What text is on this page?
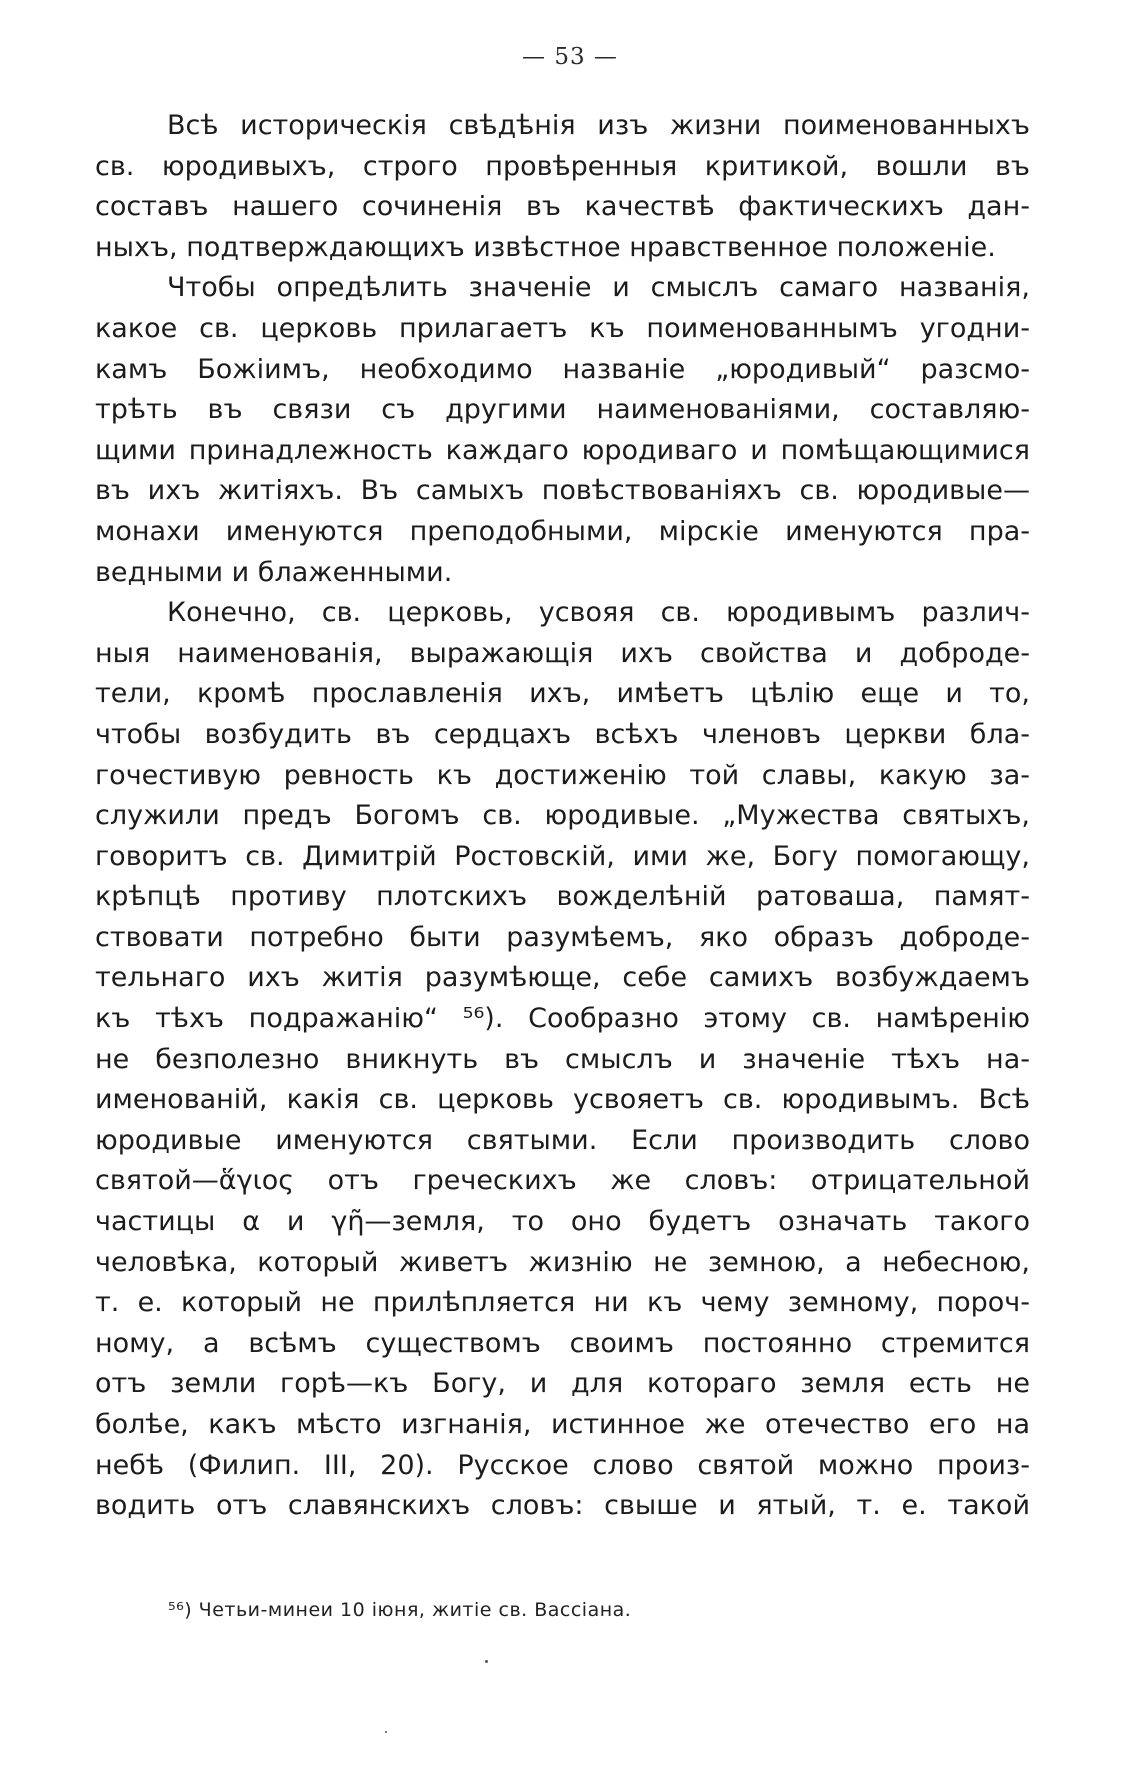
— 53 —
Всѣ историческія свѣдѣнія изъ жизни поименованныхъ
св. юродивыхъ, строго провѣренныя критикой, вошли въ
составъ нашего сочиненія въ качествѣ фактическихъ дан-
ныхъ, подтверждающихъ извѣстное нравственное положеніе.
Чтобы опредѣлить значеніе и смыслъ самаго названія,
какое св. церковь прилагаетъ къ поименованнымъ угодни-
камъ Божіимъ, необходимо названіе „юродивый“ разсмо-
трѣть въ связи съ другими наименованіями, составляю-
щими принадлежность каждаго юродиваго и помѣщающимися
въ ихъ житіяхъ. Въ самыхъ повѣствованіяхъ св. юродивые—
монахи именуются преподобными, мірскіе именуются пра-
ведными и блаженными.
Конечно, св. церковь, усвояя св. юродивымъ различ-
ныя наименованія, выражающія ихъ свойства и доброде-
тели, кромѣ прославленія ихъ, имѣетъ цѣлію еще и то,
чтобы возбудить въ сердцахъ всѣхъ членовъ церкви бла-
гочестивую ревность къ достиженію той славы, какую за-
служили предъ Богомъ св. юродивые. „Мужества святыхъ,
говоритъ св. Димитрій Ростовскій, ими же, Богу помогающу,
крѣпцѣ противу плотскихъ вожделѣній ратоваша, памят-
ствовати потребно быти разумѣемъ, яко образъ доброде-
тельнаго ихъ житія разумѣюще, себе самихъ возбуждаемъ
къ тѣхъ подражанію“ ⁵⁶). Сообразно этому св. намѣренію
не безполезно вникнуть въ смыслъ и значеніе тѣхъ на-
именованій, какія св. церковь усвояетъ св. юродивымъ. Всѣ
юродивые именуются святыми. Если производить слово
святой—ἅγιος отъ греческихъ же словъ: отрицательной
частицы α и γῆ—земля, то оно будетъ означать такого
человѣка, который живетъ жизнію не земною, а небесною,
т. е. который не прилѣпляется ни къ чему земному, пороч-
ному, а всѣмъ существомъ своимъ постоянно стремится
отъ земли горѣ—къ Богу, и для котораго земля есть не
болѣе, какъ мѣсто изгнанія, истинное же отечество его на
небѣ (Филип. III, 20). Русское слово святой можно произ-
водить отъ славянскихъ словъ: свыше и ятый, т. е. такой
⁵⁶) Четьи-минеи 10 іюня, житіе св. Вассіана.
